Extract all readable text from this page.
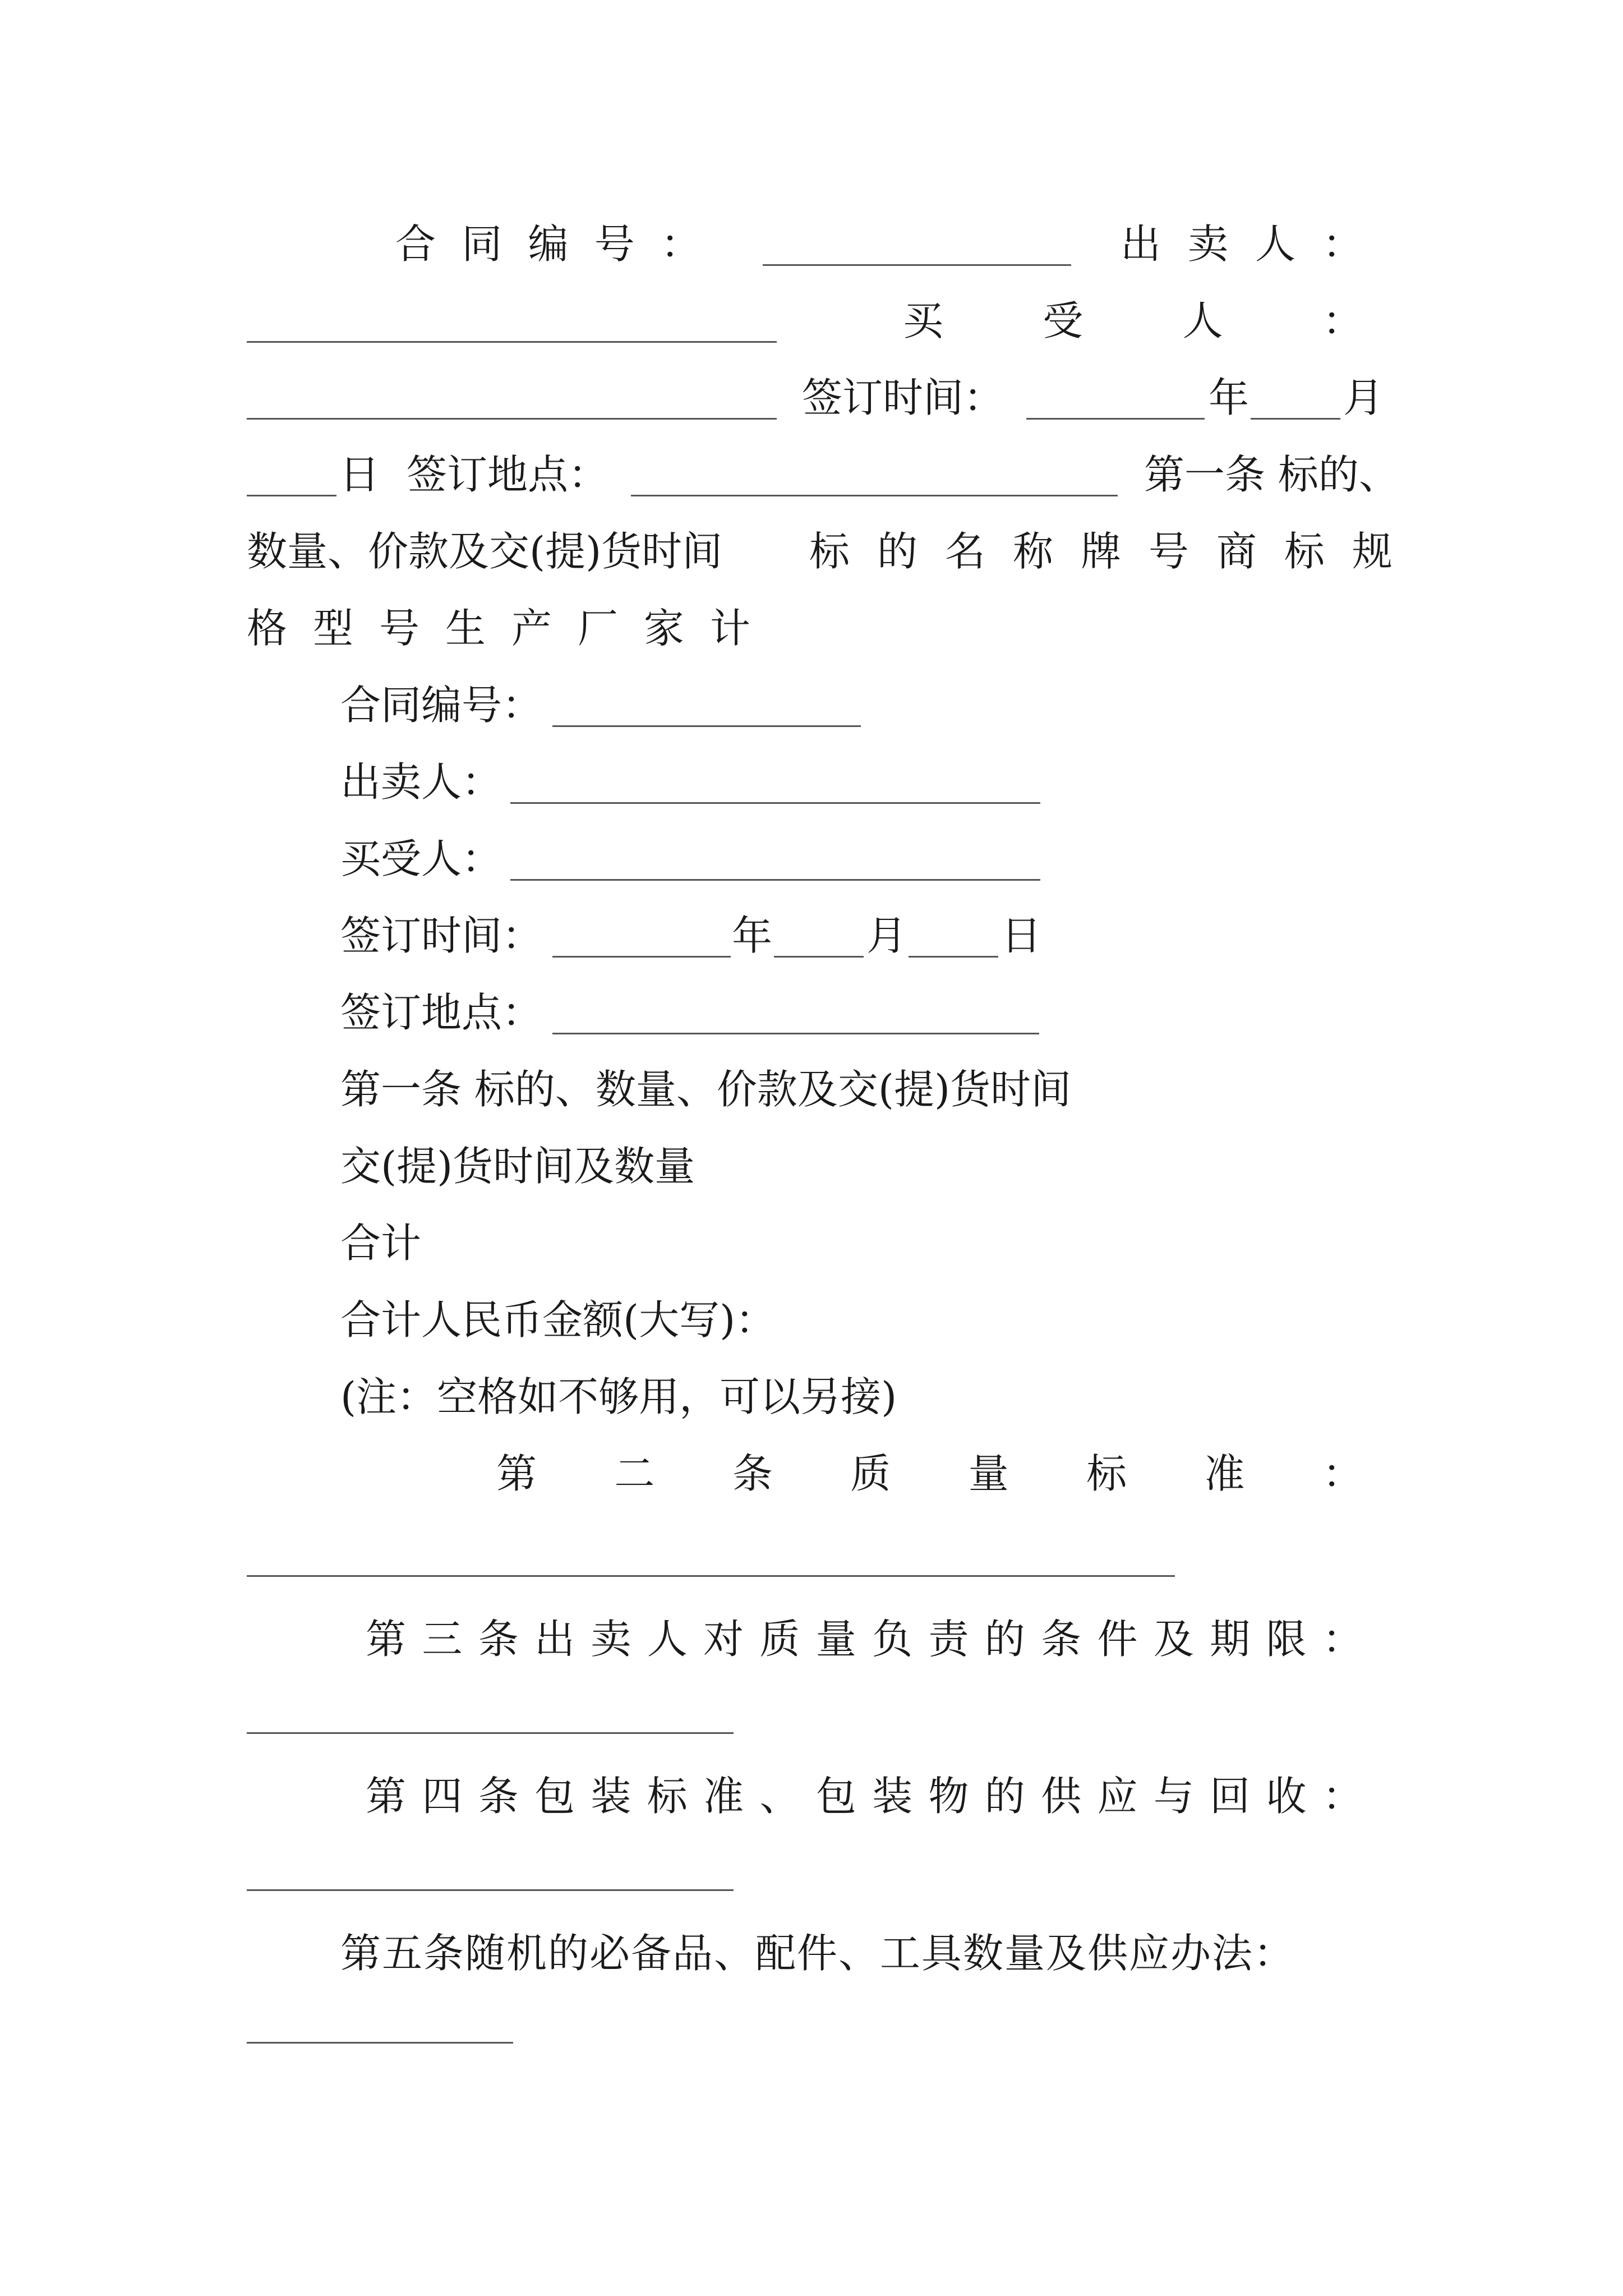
合 同 编 号 ：	出 卖 人 ：
买 受 人 ：
签订时间：	年 月
日 签订地点：	第一条 标的、
数量、价款及交(提)货时间 标 的 名 称 牌 号 商 标 规
格 型 号 生 产 厂 家 计
合同编号：
出卖人：
买受人：
签订时间：	年 月 日
签订地点：
第一条 标的、数量、价款及交(提)货时间
交(提)货时间及数量
合计
合计人民币金额(大写)：
(注：空格如不够用，可以另接)
第 二 条 质 量 标 准 ：
第 三 条 出 卖 人 对 质 量 负 责 的 条 件 及 期 限 ：
第 四 条 包 装 标 准 、 包 装 物 的 供 应 与 回 收 ：
第五条随机的必备品、配件、工具数量及供应办法：
